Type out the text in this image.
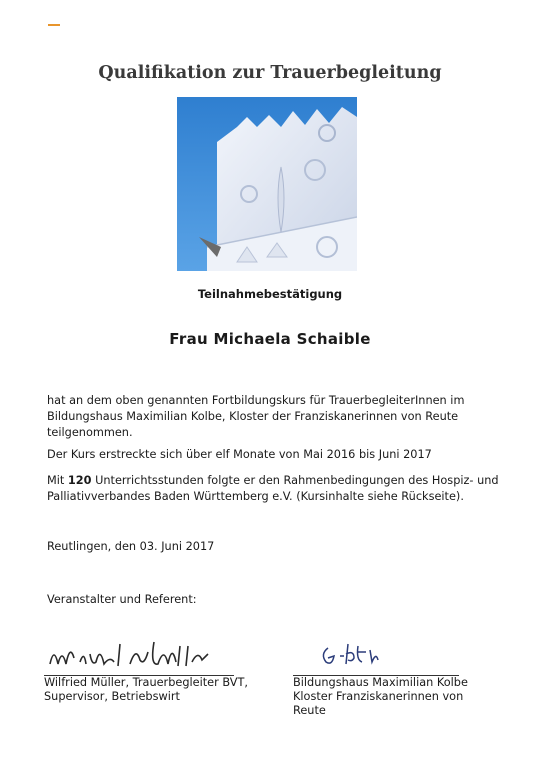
Qualifikation zur Trauerbegleitung
Teilnahmebestätigung
Frau Michaela Schaible
hat an dem oben genannten Fortbildungskurs für TrauerbegleiterInnen im
Bildungshaus Maximilian Kolbe, Kloster der Franziskanerinnen von Reute
teilgenommen.
Der Kurs erstreckte sich über elf Monate von Mai 2016 bis Juni 2017
Mit 120 Unterrichtsstunden folgte er den Rahmenbedingungen des Hospiz- und
Palliativverbandes Baden Württemberg e.V. (Kursinhalte siehe Rückseite).
Reutlingen, den 03. Juni 2017
Veranstalter und Referent:
Wilfried Müller, Trauerbegleiter BVT,
Supervisor, Betriebswirt
Bildungshaus Maximilian Kolbe
Kloster Franziskanerinnen von
Reute
